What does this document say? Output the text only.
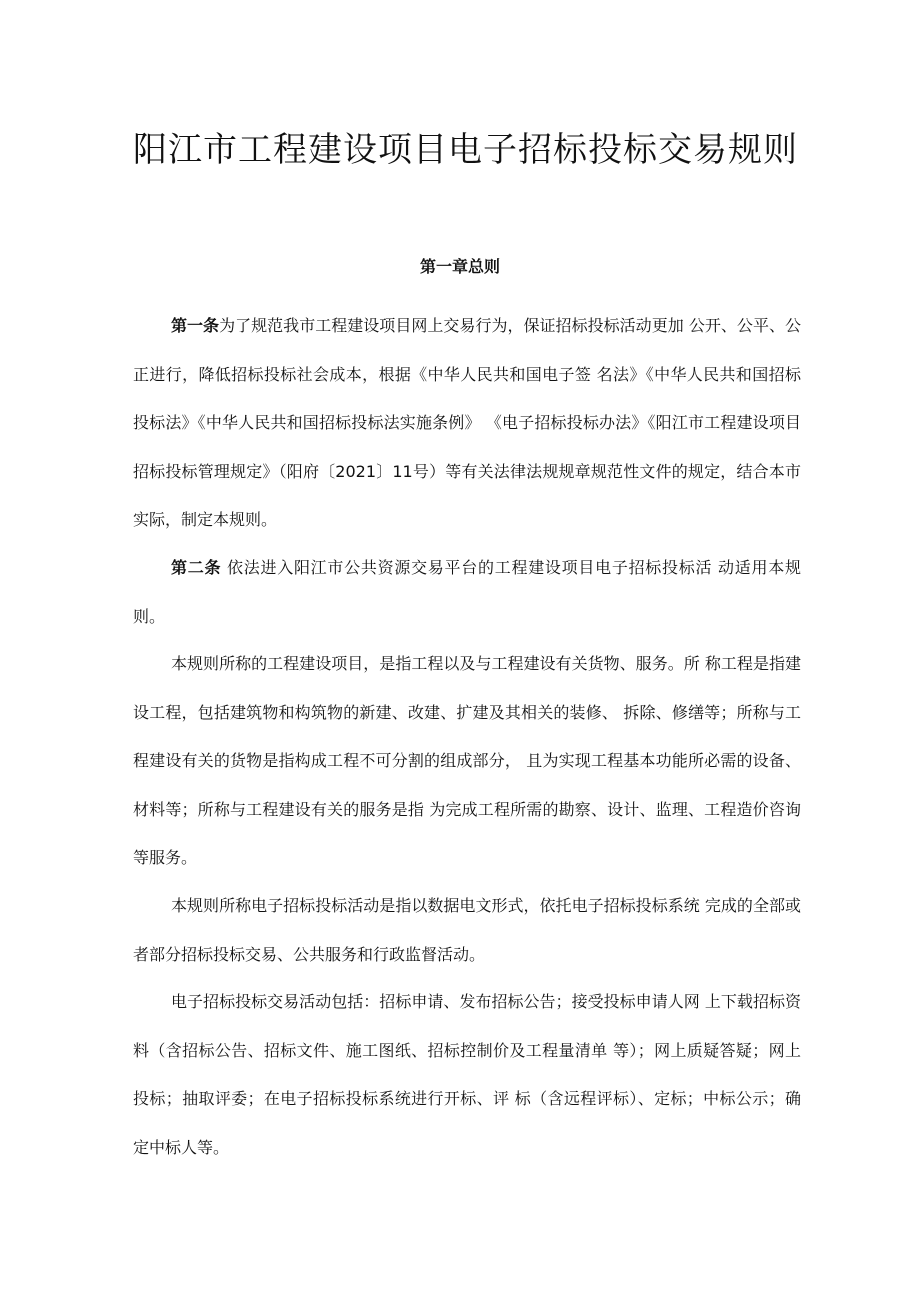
阳江市工程建设项目电子招标投标交易规则
第一章总则

第一条为了规范我市工程建设项目网上交易行为，保证招标投标活动更加 公开、公平、公正进行，降低招标投标社会成本，根据《中华人民共和国电子签 名法》《中华人民共和国招标投标法》《中华人民共和国招标投标法实施条例》 《电子招标投标办法》《阳江市工程建设项目招标投标管理规定》（阳府〔2021〕11号）等有关法律法规规章规范性文件的规定，结合本市实际，制定本规则。

第二条 依法进入阳江市公共资源交易平台的工程建设项目电子招标投标活 动适用本规则。

本规则所称的工程建设项目，是指工程以及与工程建设有关货物、服务。所 称工程是指建设工程，包括建筑物和构筑物的新建、改建、扩建及其相关的装修、 拆除、修缮等；所称与工程建设有关的货物是指构成工程不可分割的组成部分， 且为实现工程基本功能所必需的设备、材料等；所称与工程建设有关的服务是指 为完成工程所需的勘察、设计、监理、工程造价咨询等服务。

本规则所称电子招标投标活动是指以数据电文形式，依托电子招标投标系统 完成的全部或者部分招标投标交易、公共服务和行政监督活动。

电子招标投标交易活动包括：招标申请、发布招标公告；接受投标申请人网 上下载招标资料（含招标公告、招标文件、施工图纸、招标控制价及工程量清单 等）；网上质疑答疑；网上投标；抽取评委；在电子招标投标系统进行开标、评 标（含远程评标）、定标；中标公示；确定中标人等。
